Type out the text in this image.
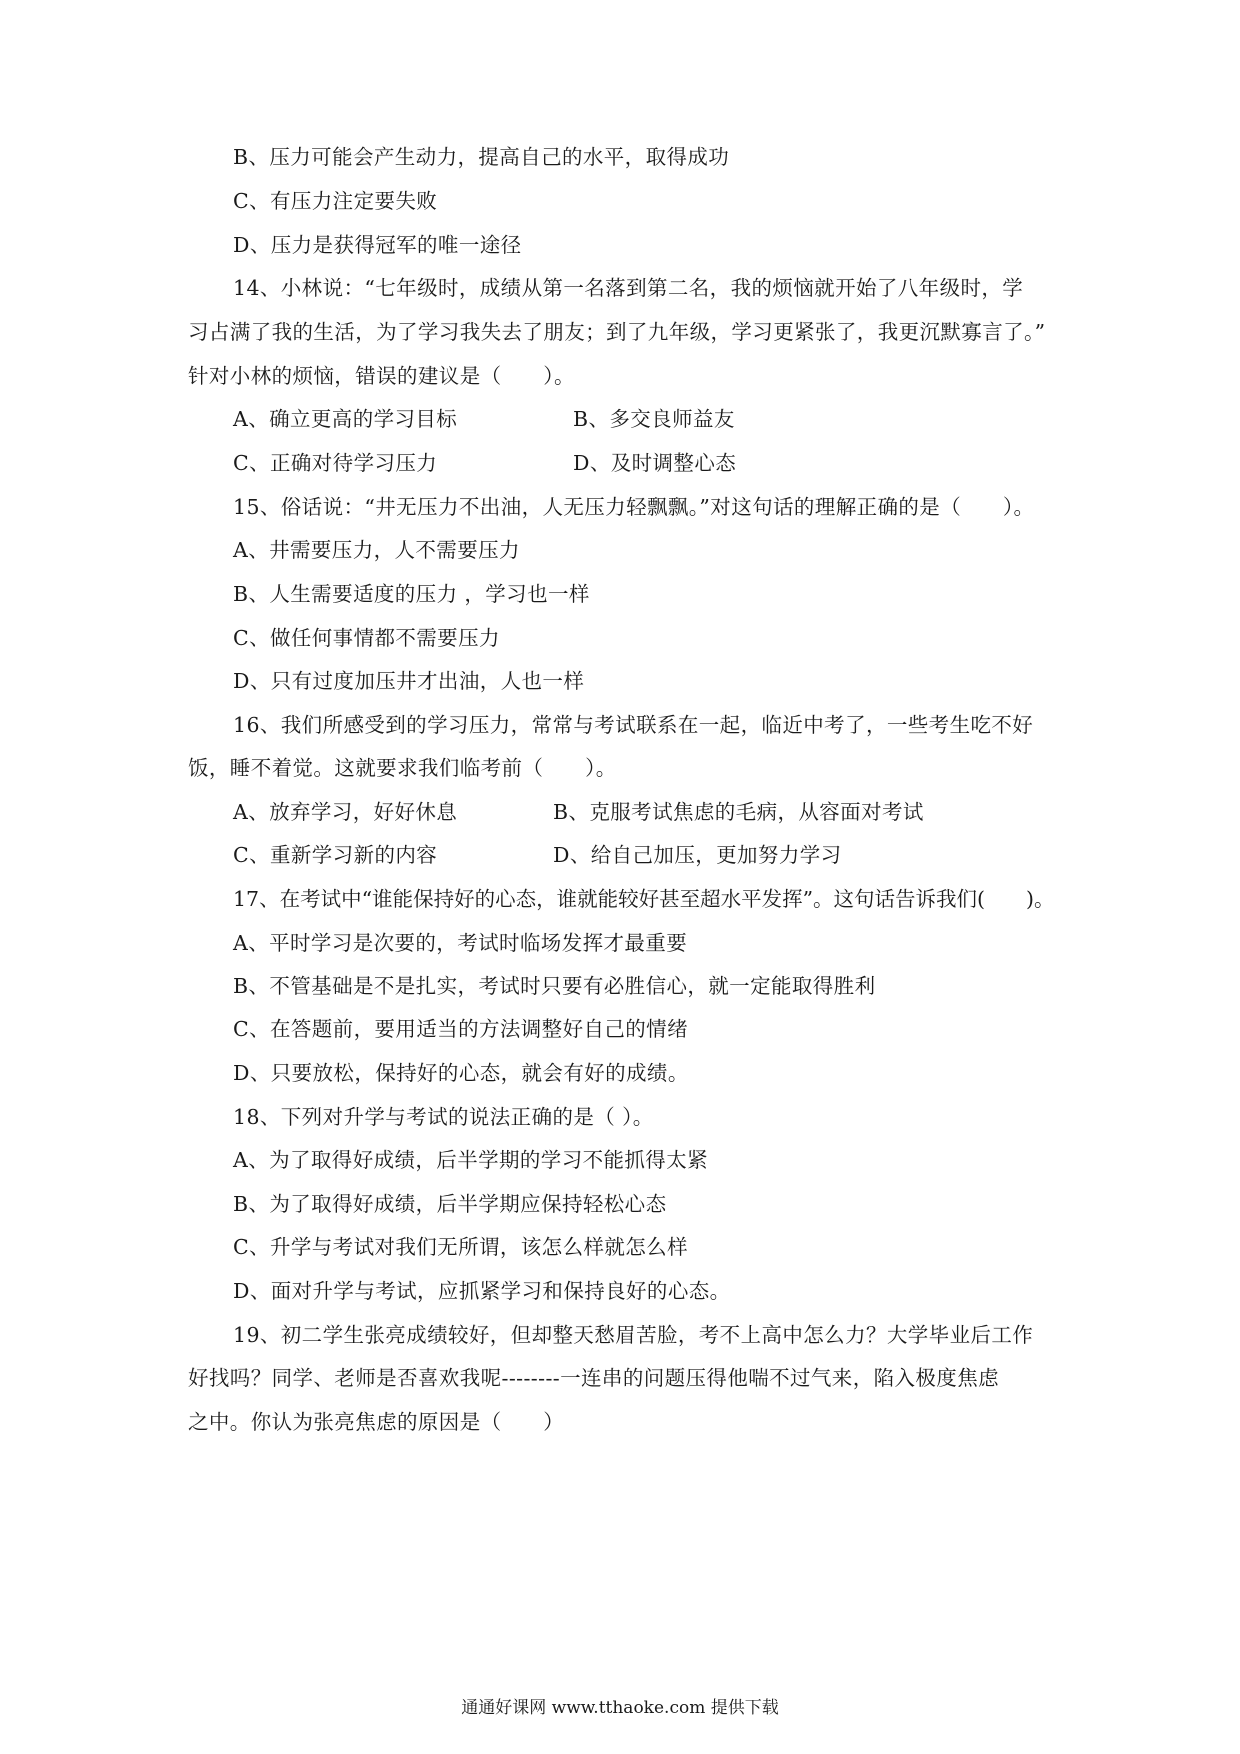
B、压力可能会产生动力，提高自己的水平，取得成功
C、有压力注定要失败
D、压力是获得冠军的唯一途径
14、小林说：“七年级时，成绩从第一名落到第二名，我的烦恼就开始了八年级时，学
习占满了我的生活，为了学习我失去了朋友；到了九年级，学习更紧张了，我更沉默寡言了。”
针对小林的烦恼，错误的建议是（　　）。
A、确立更高的学习目标	B、多交良师益友
C、正确对待学习压力	D、及时调整心态
15、俗话说：“井无压力不出油，人无压力轻飘飘。”对这句话的理解正确的是（　　）。
A、井需要压力，人不需要压力
B、人生需要适度的压力 ，学习也一样
C、做任何事情都不需要压力
D、只有过度加压井才出油，人也一样
16、我们所感受到的学习压力，常常与考试联系在一起，临近中考了，一些考生吃不好
饭，睡不着觉。这就要求我们临考前（　　）。
A、放弃学习，好好休息	B、克服考试焦虑的毛病，从容面对考试
C、重新学习新的内容	D、给自己加压，更加努力学习
17、在考试中“谁能保持好的心态，谁就能较好甚至超水平发挥”。这句话告诉我们(　　)。
A、平时学习是次要的，考试时临场发挥才最重要
B、不管基础是不是扎实，考试时只要有必胜信心，就一定能取得胜利
C、在答题前，要用适当的方法调整好自己的情绪
D、只要放松，保持好的心态，就会有好的成绩。
18、下列对升学与考试的说法正确的是（ ）。
A、为了取得好成绩，后半学期的学习不能抓得太紧
B、为了取得好成绩，后半学期应保持轻松心态
C、升学与考试对我们无所谓，该怎么样就怎么样
D、面对升学与考试，应抓紧学习和保持良好的心态。
19、初二学生张亮成绩较好，但却整天愁眉苦脸，考不上高中怎么力？大学毕业后工作
好找吗？同学、老师是否喜欢我呢--------一连串的问题压得他喘不过气来，陷入极度焦虑
之中。你认为张亮焦虑的原因是（　　）
通通好课网 www.tthaoke.com 提供下载
